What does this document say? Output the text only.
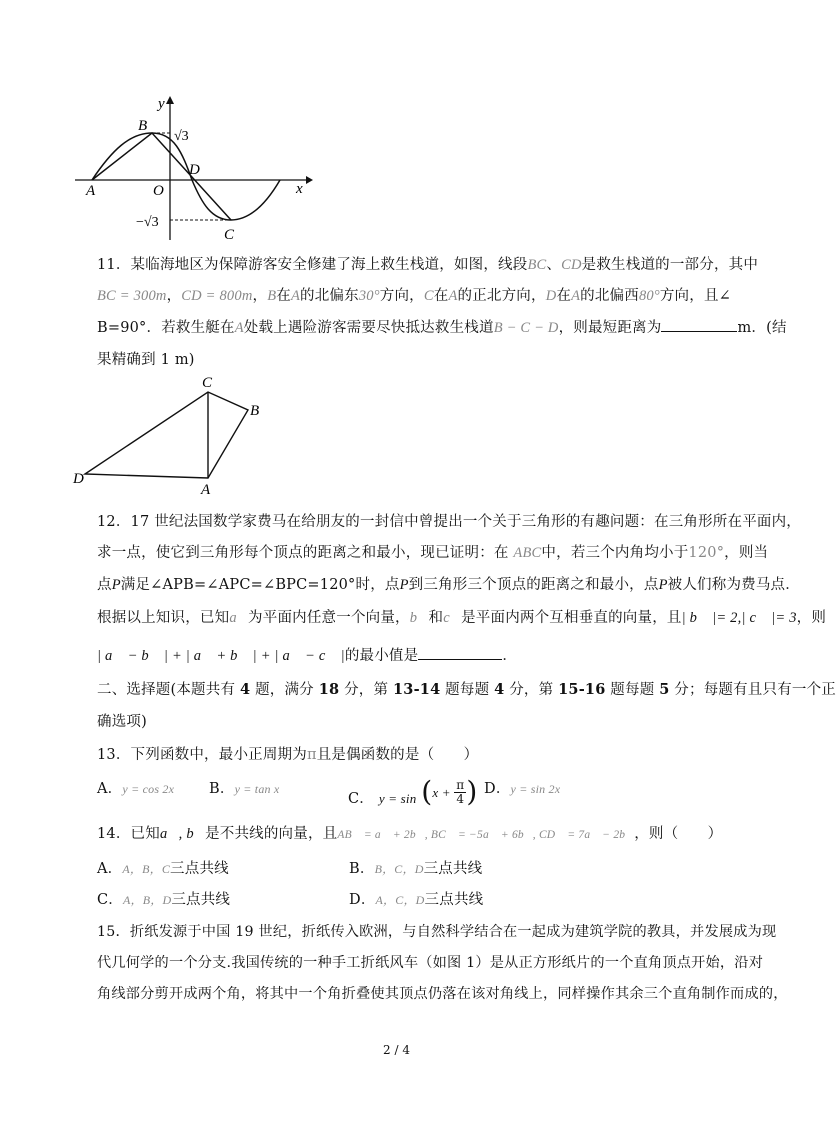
y
x
B
√3
D
A	O
−√3
C
11．某临海地区为保障游客安全修建了海上救生栈道，如图，线段BC、CD是救生栈道的一部分，其中
BC = 300m，CD = 800m，B在A的北偏东30°方向，C在A的正北方向，D在A的北偏西80°方向，且∠
B=90°．若救生艇在A处载上遇险游客需要尽快抵达救生栈道B − C − D，则最短距离为	m．(结
果精确到 1 m)
C
B
D
A
12．17 世纪法国数学家费马在给朋友的一封信中曾提出一个关于三角形的有趣问题：在三角形所在平面内，
求一点，使它到三角形每个顶点的距离之和最小，现已证明：在 ABC中，若三个内角均小于120°，则当
点P满足∠APB=∠APC=∠BPC=120°时，点P到三角形三个顶点的距离之和最小，点P被人们称为费马点．
根据以上知识，已知a⃗为平面内任意一个向量，b⃗和c⃗是平面内两个互相垂直的向量，且| b⃗ |= 2,| c⃗ |= 3，则
| a⃗ − b⃗ | + | a⃗ + b⃗ | + | a⃗ − c⃗ |的最小值是	．
二、选择题(本题共有 4 题，满分 18 分，第 13-14 题每题 4 分，第 15-16 题每题 5 分；每题有且只有一个正
确选项)
13．下列函数中，最小正周期为π且是偶函数的是（　　）
A．y = cos 2x B．y = tan x
C． $y = \sin (x + \frac{\pi}{4}$ ) D．y = sin 2x
14．已知a⃗, b⃗是不共线的向量，且AB⃗ = a⃗ + 2b⃗, BC⃗ = −5a⃗ + 6b⃗, CD⃗ = 7a⃗ − 2b⃗，则（　　）
A．A，B，C三点共线	B．B，C，D三点共线
C．A，B，D三点共线	D．A，C，D三点共线
15．折纸发源于中国 19 世纪，折纸传入欧洲，与自然科学结合在一起成为建筑学院的教具，并发展成为现
代几何学的一个分支.我国传统的一种手工折纸风车（如图 1）是从正方形纸片的一个直角顶点开始，沿对
角线部分剪开成两个角，将其中一个角折叠使其顶点仍落在该对角线上，同样操作其余三个直角制作而成的，
2 / 4
